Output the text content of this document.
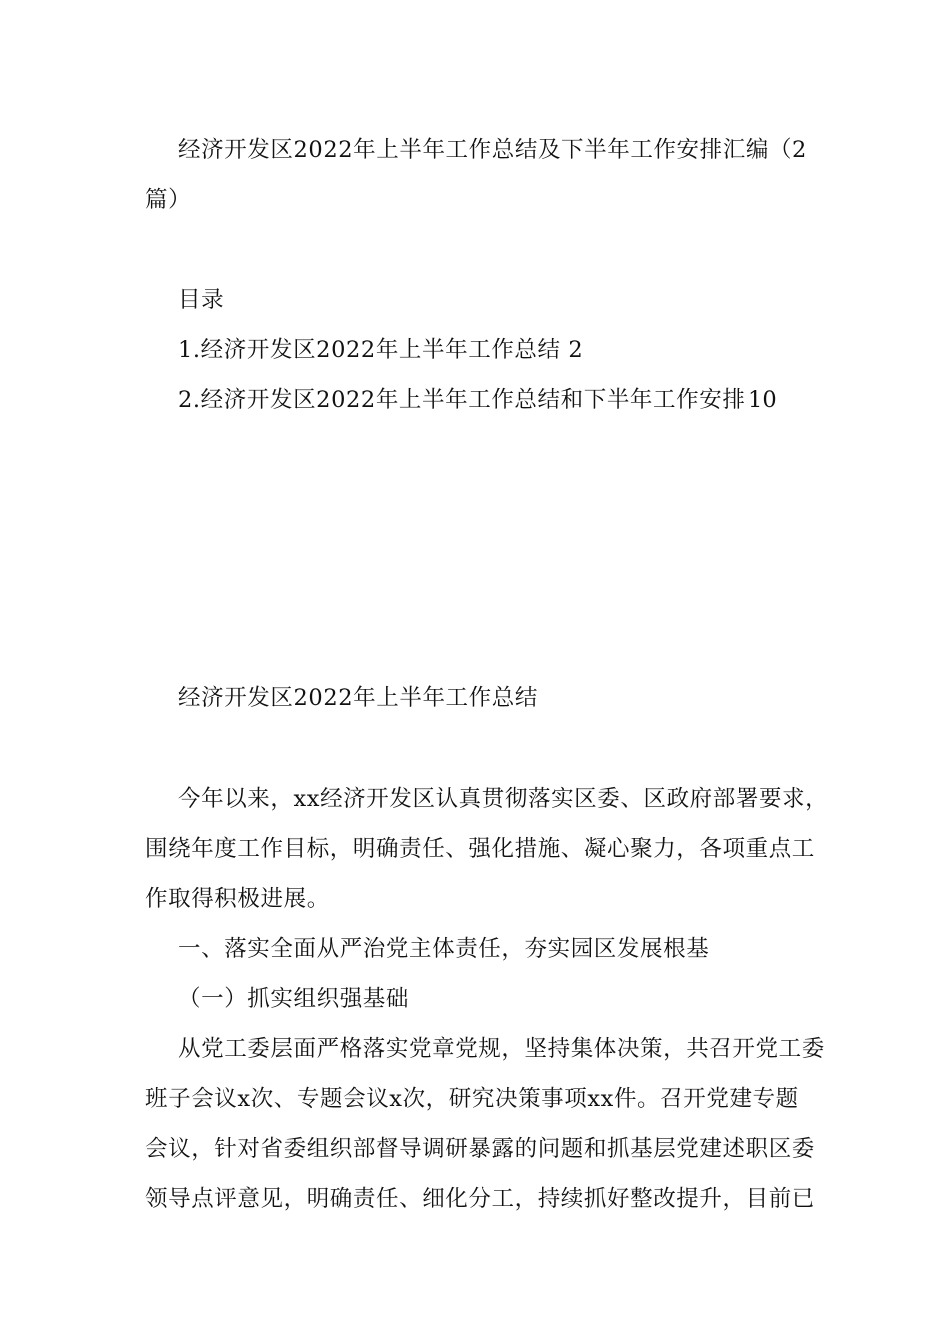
经济开发区2022年上半年工作总结及下半年工作安排汇编（2
篇）
目录
1.经济开发区2022年上半年工作总结 2
2.经济开发区2022年上半年工作总结和下半年工作安排 10
经济开发区2022年上半年工作总结
今年以来，xx经济开发区认真贯彻落实区委、区政府部署要求，
围绕年度工作目标，明确责任、强化措施、凝心聚力，各项重点工
作取得积极进展。
一、落实全面从严治党主体责任，夯实园区发展根基
（一）抓实组织强基础
从党工委层面严格落实党章党规，坚持集体决策，共召开党工委
班子会议x次、专题会议x次，研究决策事项xx件。召开党建专题
会议，针对省委组织部督导调研暴露的问题和抓基层党建述职区委
领导点评意见，明确责任、细化分工，持续抓好整改提升，目前已
